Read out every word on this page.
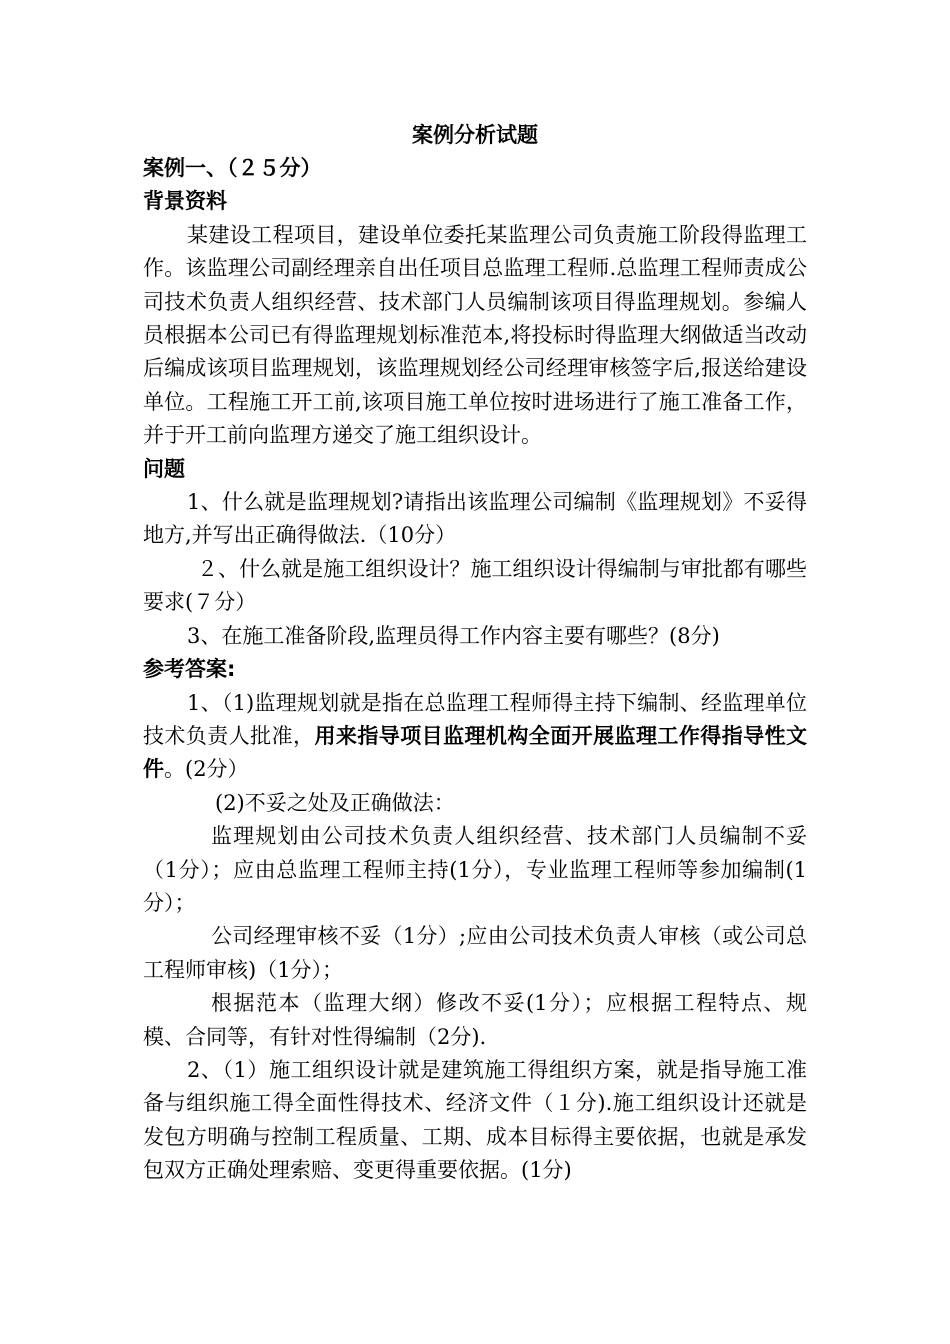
案例分析试题

案例一、（２５分）

背景资料

某建设工程项目，建设单位委托某监理公司负责施工阶段得监理工作。该监理公司副经理亲自出任项目总监理工程师.总监理工程师责成公司技术负责人组织经营、技术部门人员编制该项目得监理规划。参编人员根据本公司已有得监理规划标准范本,将投标时得监理大纲做适当改动后编成该项目监理规划，该监理规划经公司经理审核签字后,报送给建设单位。工程施工开工前,该项目施工单位按时进场进行了施工准备工作，并于开工前向监理方递交了施工组织设计。

问题

1、什么就是监理规划?请指出该监理公司编制《监理规划》不妥得地方,并写出正确得做法.（10分）

２、什么就是施工组织设计？施工组织设计得编制与审批都有哪些要求(７分）

3、在施工准备阶段,监理员得工作内容主要有哪些？(8分)

参考答案:

1、（1)监理规划就是指在总监理工程师得主持下编制、经监理单位技术负责人批准，用来指导项目监理机构全面开展监理工作得指导性文件。(2分）

(2)不妥之处及正确做法：

监理规划由公司技术负责人组织经营、技术部门人员编制不妥（1分）；应由总监理工程师主持(1分），专业监理工程师等参加编制(1分）；

公司经理审核不妥（1分）;应由公司技术负责人审核（或公司总工程师审核)（1分）；

根据范本（监理大纲）修改不妥(1分）；应根据工程特点、规模、合同等，有针对性得编制（2分).

2、（1）施工组织设计就是建筑施工得组织方案，就是指导施工准备与组织施工得全面性得技术、经济文件（１分).施工组织设计还就是发包方明确与控制工程质量、工期、成本目标得主要依据，也就是承发包双方正确处理索赔、变更得重要依据。(1分)
